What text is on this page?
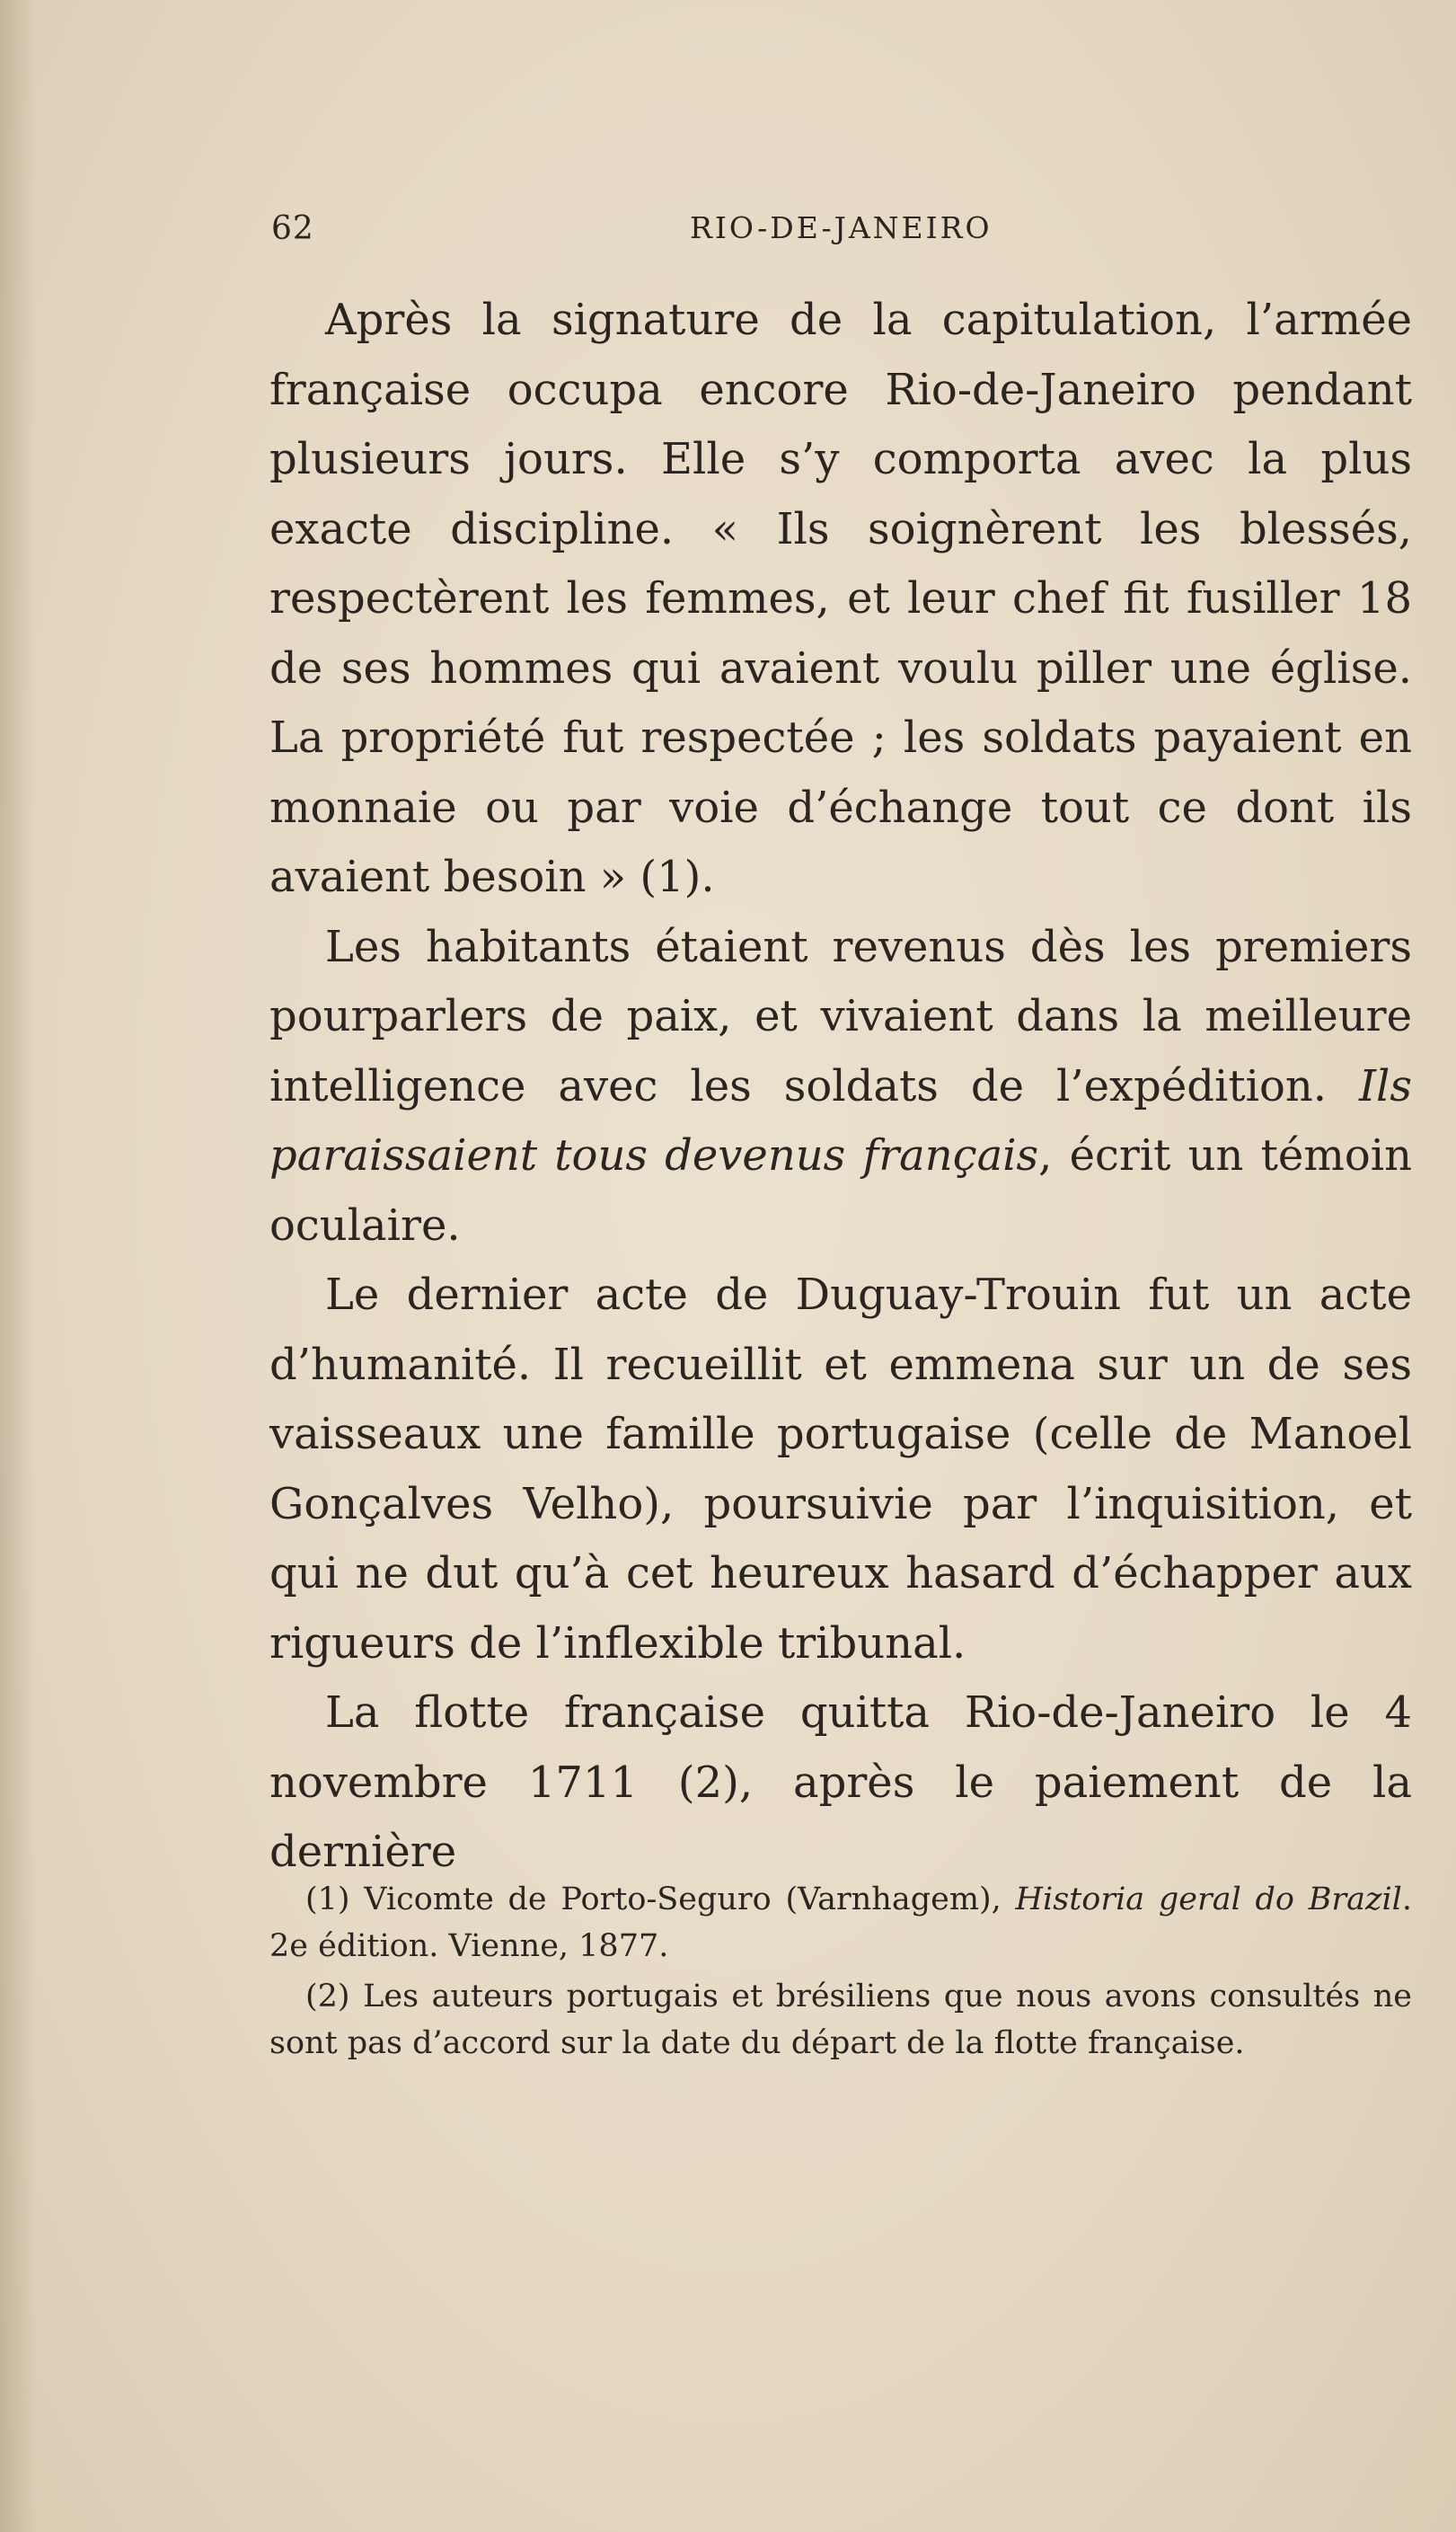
62	RIO-DE-JANEIRO

Après la signature de la capitulation, l’armée française occupa encore Rio-de-Janeiro pendant plusieurs jours. Elle s’y comporta avec la plus exacte discipline. « Ils soignèrent les blessés, respectèrent les femmes, et leur chef fit fusiller 18 de ses hommes qui avaient voulu piller une église. La propriété fut respectée ; les soldats payaient en monnaie ou par voie d’échange tout ce dont ils avaient besoin » (1).

Les habitants étaient revenus dès les premiers pourparlers de paix, et vivaient dans la meilleure intelligence avec les soldats de l’expédition. Ils paraissaient tous devenus français, écrit un témoin oculaire.

Le dernier acte de Duguay-Trouin fut un acte d’humanité. Il recueillit et emmena sur un de ses vaisseaux une famille portugaise (celle de Manoel Gonçalves Velho), poursuivie par l’inquisition, et qui ne dut qu’à cet heureux hasard d’échapper aux rigueurs de l’inflexible tribunal.

La flotte française quitta Rio-de-Janeiro le 4 novembre 1711 (2), après le paiement de la dernière

(1) Vicomte de Porto-Seguro (Varnhagem), Historia geral do Brazil. 2e édition. Vienne, 1877.

(2) Les auteurs portugais et brésiliens que nous avons consultés ne sont pas d’accord sur la date du départ de la flotte française.
